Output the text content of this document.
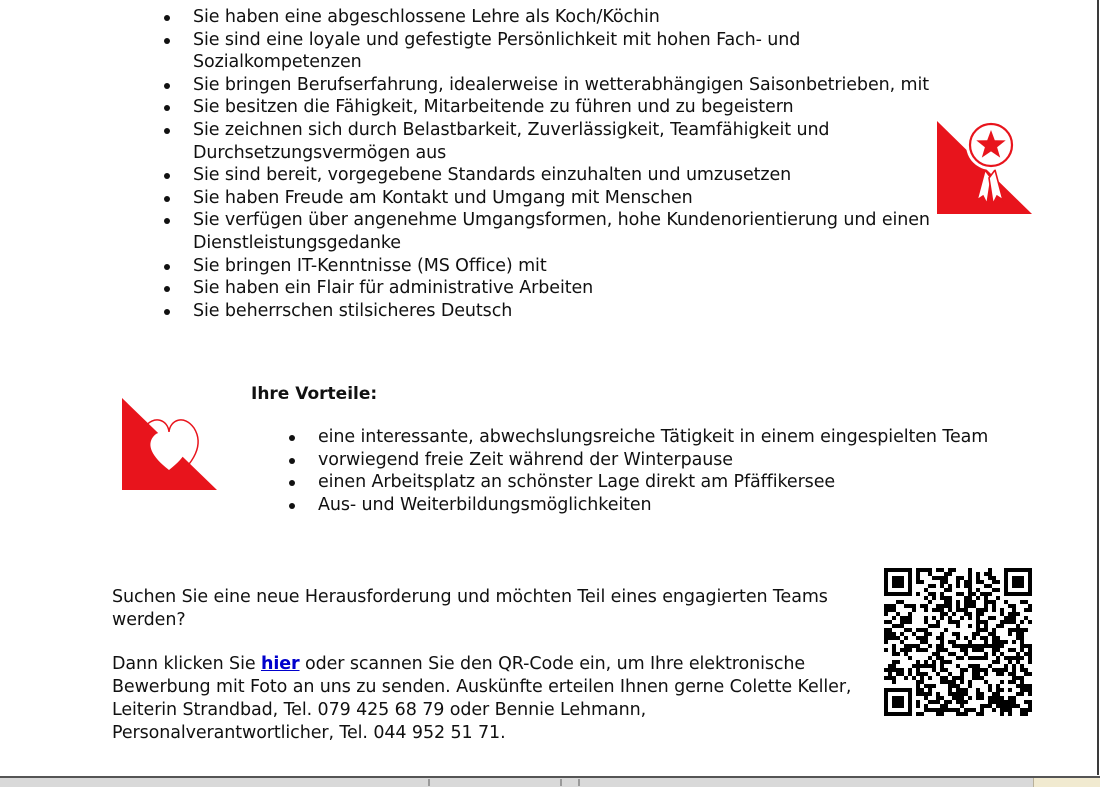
Sie haben eine abgeschlossene Lehre als Koch/Köchin
Sie sind eine loyale und gefestigte Persönlichkeit mit hohen Fach- und Sozialkompetenzen
Sie bringen Berufserfahrung, idealerweise in wetterabhängigen Saisonbetrieben, mit
Sie besitzen die Fähigkeit, Mitarbeitende zu führen und zu begeistern
Sie zeichnen sich durch Belastbarkeit, Zuverlässigkeit, Teamfähigkeit und Durchsetzungsvermögen aus
Sie sind bereit, vorgegebene Standards einzuhalten und umzusetzen
Sie haben Freude am Kontakt und Umgang mit Menschen
Sie verfügen über angenehme Umgangsformen, hohe Kundenorientierung und einen Dienstleistungsgedanke
Sie bringen IT-Kenntnisse (MS Office) mit
Sie haben ein Flair für administrative Arbeiten
Sie beherrschen stilsicheres Deutsch
Ihre Vorteile:
eine interessante, abwechslungsreiche Tätigkeit in einem eingespielten Team
vorwiegend freie Zeit während der Winterpause
einen Arbeitsplatz an schönster Lage direkt am Pfäffikersee
Aus- und Weiterbildungsmöglichkeiten
Suchen Sie eine neue Herausforderung und möchten Teil eines engagierten Teams werden?
Dann klicken Sie hier oder scannen Sie den QR-Code ein, um Ihre elektronische Bewerbung mit Foto an uns zu senden. Auskünfte erteilen Ihnen gerne Colette Keller, Leiterin Strandbad, Tel. 079 425 68 79 oder Bennie Lehmann, Personalverantwortlicher, Tel. 044 952 51 71.
